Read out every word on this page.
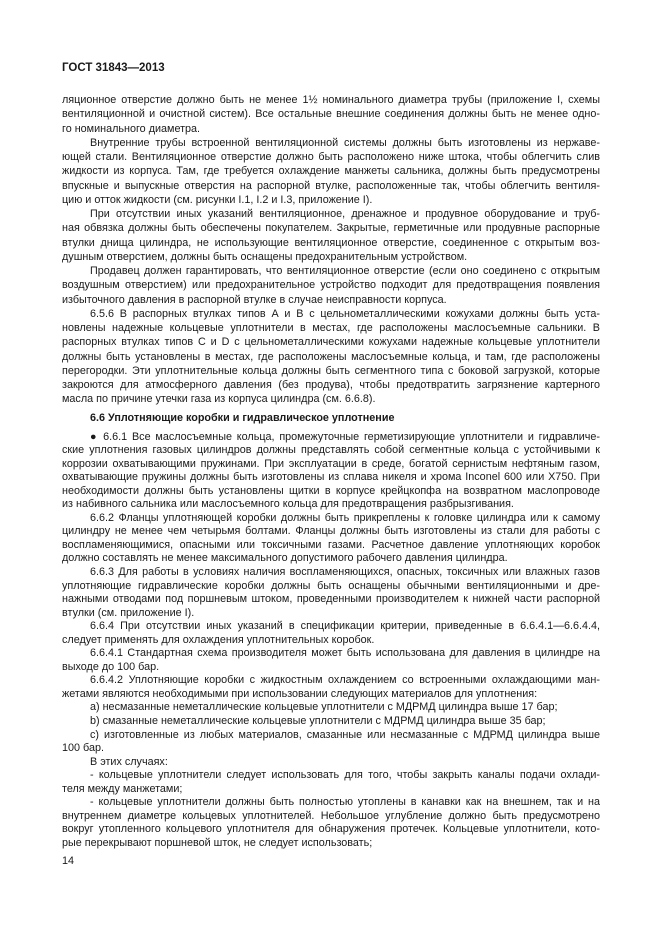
ГОСТ 31843—2013
ляционное отверстие должно быть не менее 1½ номинального диаметра трубы (приложение I, схемы
вентиляционной и очистной систем). Все остальные внешние соединения должны быть не менее одно-
го номинального диаметра.
Внутренние трубы встроенной вентиляционной системы должны быть изготовлены из нержаве-
ющей стали. Вентиляционное отверстие должно быть расположено ниже штока, чтобы облегчить слив
жидкости из корпуса. Там, где требуется охлаждение манжеты сальника, должны быть предусмотрены
впускные и выпускные отверстия на распорной втулке, расположенные так, чтобы облегчить вентиля-
цию и отток жидкости (см. рисунки I.1, I.2 и I.3, приложение I).
При отсутствии иных указаний вентиляционное, дренажное и продувное оборудование и труб-
ная обвязка должны быть обеспечены покупателем. Закрытые, герметичные или продувные распорные
втулки днища цилиндра, не использующие вентиляционное отверстие, соединенное с открытым воз-
душным отверстием, должны быть оснащены предохранительным устройством.
Продавец должен гарантировать, что вентиляционное отверстие (если оно соединено с открытым
воздушным отверстием) или предохранительное устройство подходит для предотвращения появления
избыточного давления в распорной втулке в случае неисправности корпуса.
6.5.6 В распорных втулках типов А и В с цельнометаллическими кожухами должны быть уста-
новлены надежные кольцевые уплотнители в местах, где расположены маслосъемные сальники. В
распорных втулках типов С и D с цельнометаллическими кожухами надежные кольцевые уплотнители
должны быть установлены в местах, где расположены маслосъемные кольца, и там, где расположены
перегородки. Эти уплотнительные кольца должны быть сегментного типа с боковой загрузкой, которые
закроются для атмосферного давления (без продува), чтобы предотвратить загрязнение картерного
масла по причине утечки газа из корпуса цилиндра (см. 6.6.8).
6.6 Уплотняющие коробки и гидравлическое уплотнение
● 6.6.1 Все маслосъемные кольца, промежуточные герметизирующие уплотнители и гидравличе-
ские уплотнения газовых цилиндров должны представлять собой сегментные кольца с устойчивыми к
коррозии охватывающими пружинами. При эксплуатации в среде, богатой сернистым нефтяным газом,
охватывающие пружины должны быть изготовлены из сплава никеля и хрома Inconel 600 или X750. При
необходимости должны быть установлены щитки в корпусе крейцкопфа на возвратном маслопроводе
из набивного сальника или маслосъемного кольца для предотвращения разбрызгивания.
6.6.2 Фланцы уплотняющей коробки должны быть прикреплены к головке цилиндра или к самому
цилиндру не менее чем четырьмя болтами. Фланцы должны быть изготовлены из стали для работы с
воспламеняющимися, опасными или токсичными газами. Расчетное давление уплотняющих коробок
должно составлять не менее максимального допустимого рабочего давления цилиндра.
6.6.3 Для работы в условиях наличия воспламеняющихся, опасных, токсичных или влажных газов
уплотняющие гидравлические коробки должны быть оснащены обычными вентиляционными и дре-
нажными отводами под поршневым штоком, проведенными производителем к нижней части распорной
втулки (см. приложение I).
6.6.4 При отсутствии иных указаний в спецификации критерии, приведенные в 6.6.4.1—6.6.4.4,
следует применять для охлаждения уплотнительных коробок.
6.6.4.1 Стандартная схема производителя может быть использована для давления в цилиндре на
выходе до 100 бар.
6.6.4.2 Уплотняющие коробки с жидкостным охлаждением со встроенными охлаждающими ман-
жетами являются необходимыми при использовании следующих материалов для уплотнения:
a) несмазанные неметаллические кольцевые уплотнители с МДРМД цилиндра выше 17 бар;
b) смазанные неметаллические кольцевые уплотнители с МДРМД цилиндра выше 35 бар;
c) изготовленные из любых материалов, смазанные или несмазанные с МДРМД цилиндра выше
100 бар.
В этих случаях:
- кольцевые уплотнители следует использовать для того, чтобы закрыть каналы подачи охлади-
теля между манжетами;
- кольцевые уплотнители должны быть полностью утоплены в канавки как на внешнем, так и на
внутреннем диаметре кольцевых уплотнителей. Небольшое углубление должно быть предусмотрено
вокруг утопленного кольцевого уплотнителя для обнаружения протечек. Кольцевые уплотнители, кото-
рые перекрывают поршневой шток, не следует использовать;
14
